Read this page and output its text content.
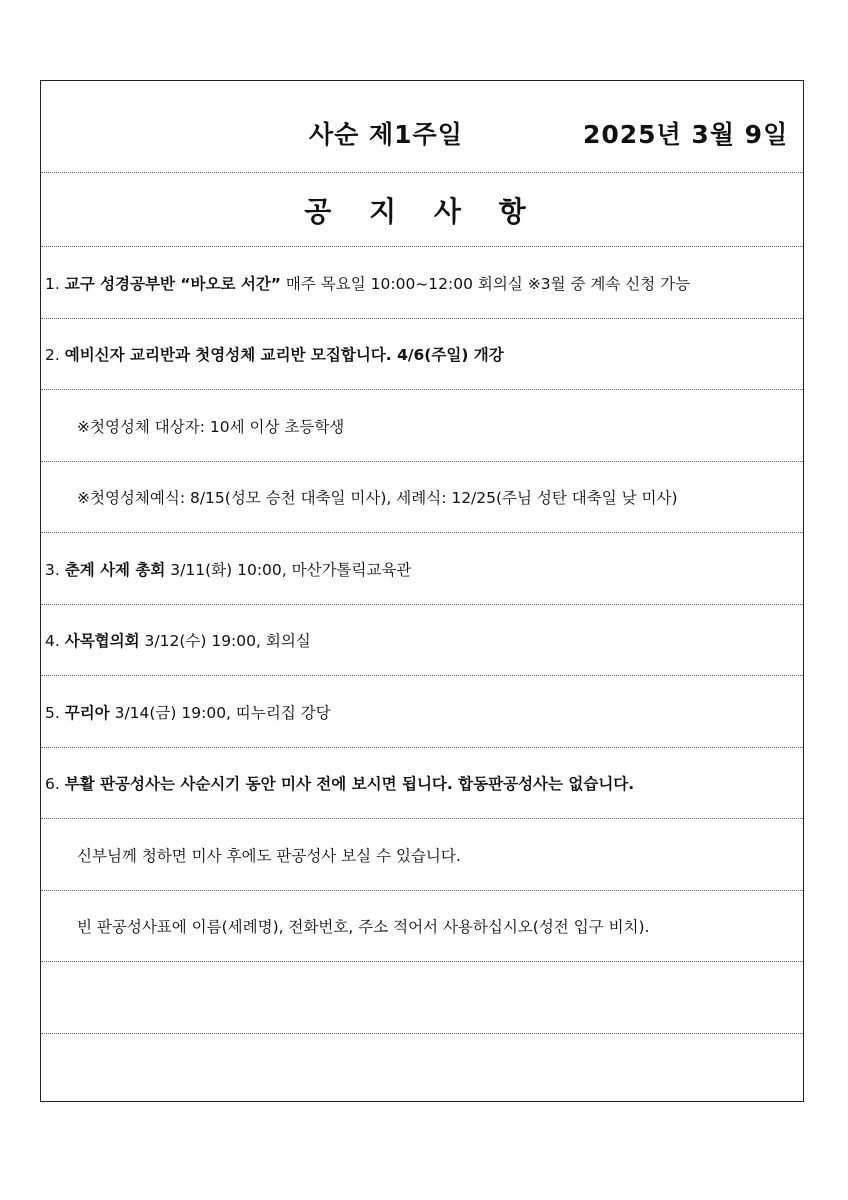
사순 제1주일	2025년 3월 9일
공 지 사 항
1. 교구 성경공부반 “바오로 서간” 매주 목요일 10:00~12:00 회의실 ※3월 중 계속 신청 가능
2. 예비신자 교리반과 첫영성체 교리반 모집합니다. 4/6(주일) 개강
※첫영성체 대상자: 10세 이상 초등학생
※첫영성체예식: 8/15(성모 승천 대축일 미사), 세례식: 12/25(주님 성탄 대축일 낮 미사)
3. 춘계 사제 총회 3/11(화) 10:00, 마산가톨릭교육관
4. 사목협의회 3/12(수) 19:00, 회의실
5. 꾸리아 3/14(금) 19:00, 띠누리집 강당
6. 부활 판공성사는 사순시기 동안 미사 전에 보시면 됩니다. 합동판공성사는 없습니다.
신부님께 청하면 미사 후에도 판공성사 보실 수 있습니다.
빈 판공성사표에 이름(세례명), 전화번호, 주소 적어서 사용하십시오(성전 입구 비치).
